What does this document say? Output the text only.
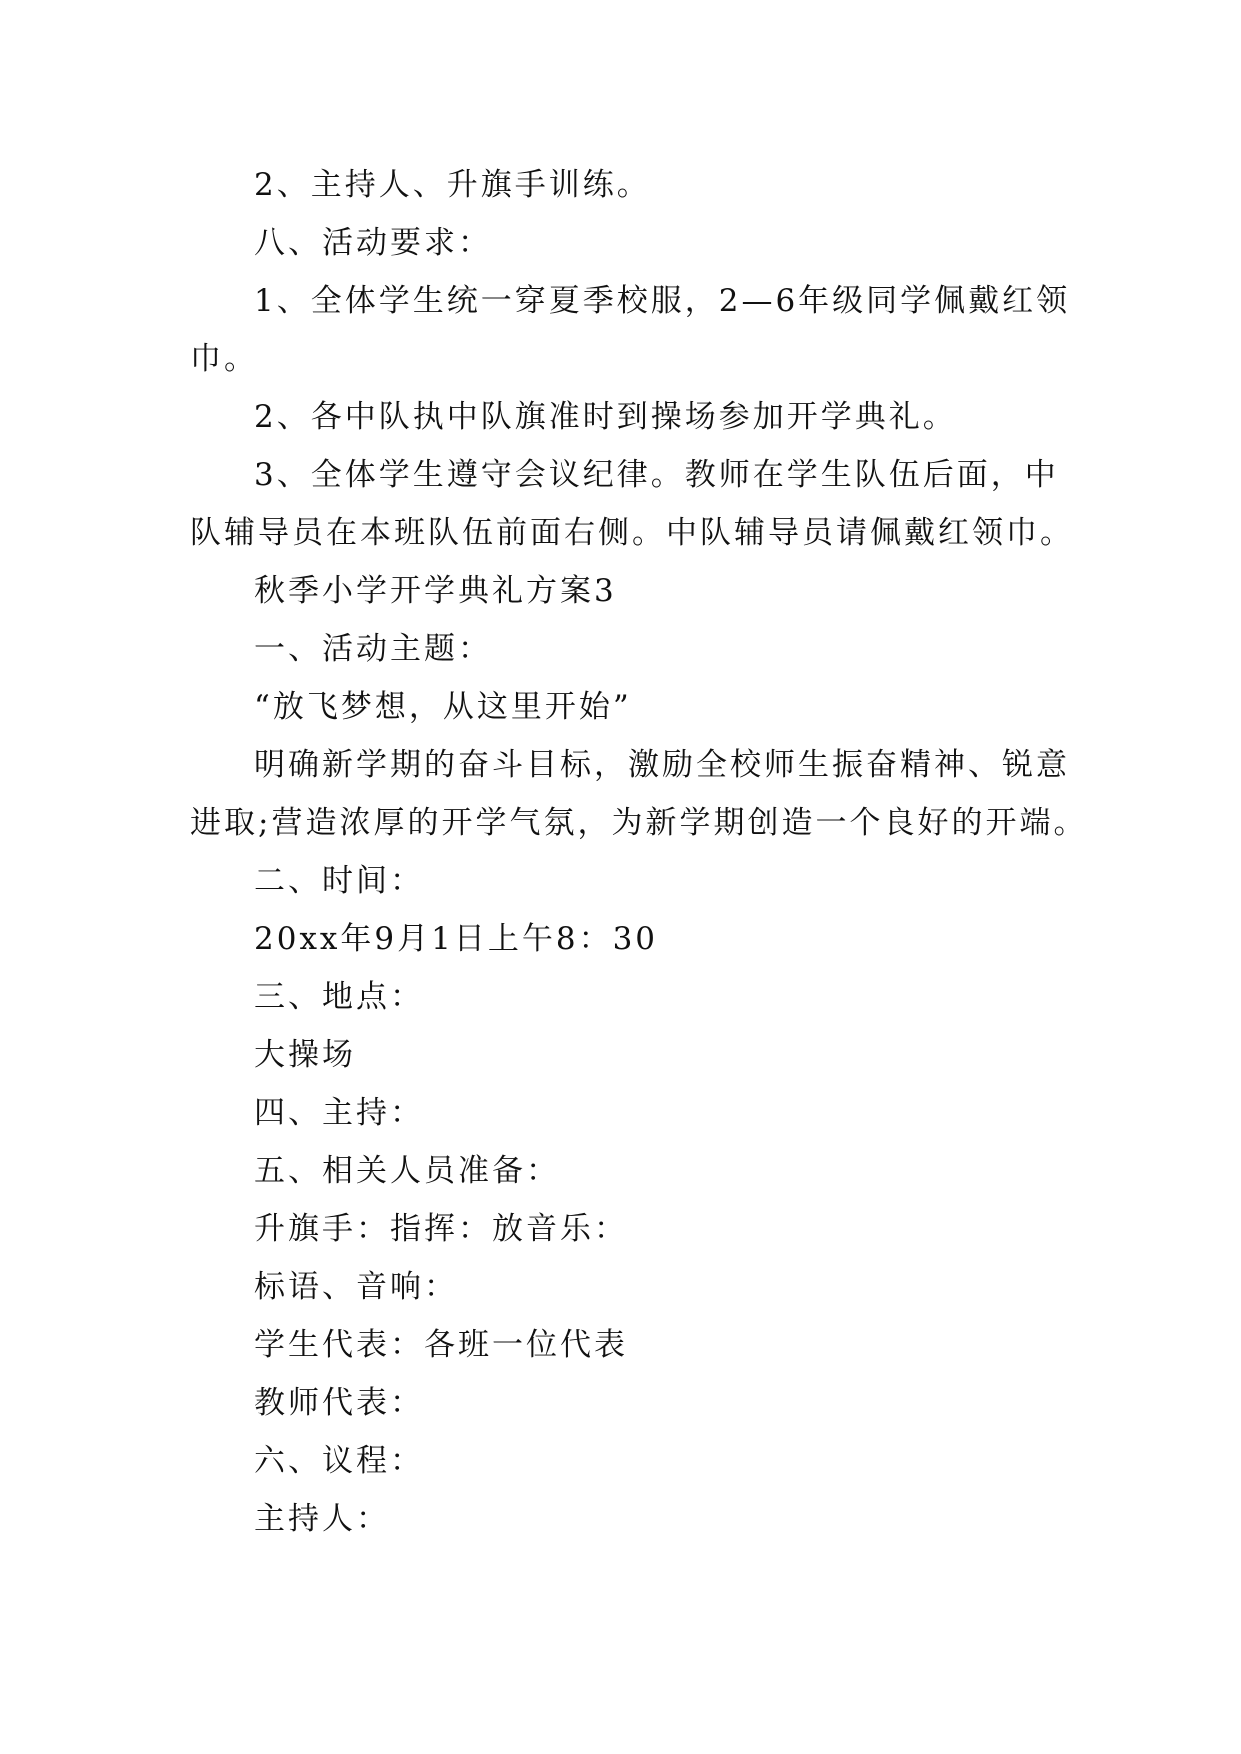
2、主持人、升旗手训练。
八、活动要求：
1、全体学生统一穿夏季校服，2—6年级同学佩戴红领
巾。
2、各中队执中队旗准时到操场参加开学典礼。
3、全体学生遵守会议纪律。教师在学生队伍后面，中
队辅导员在本班队伍前面右侧。中队辅导员请佩戴红领巾。
秋季小学开学典礼方案3
一、活动主题：
“放飞梦想，从这里开始”
明确新学期的奋斗目标，激励全校师生振奋精神、锐意
进取;营造浓厚的开学气氛，为新学期创造一个良好的开端。
二、时间：
20xx年9月1日上午8：30
三、地点：
大操场
四、主持：
五、相关人员准备：
升旗手：指挥：放音乐：
标语、音响：
学生代表：各班一位代表
教师代表：
六、议程：
主持人：
